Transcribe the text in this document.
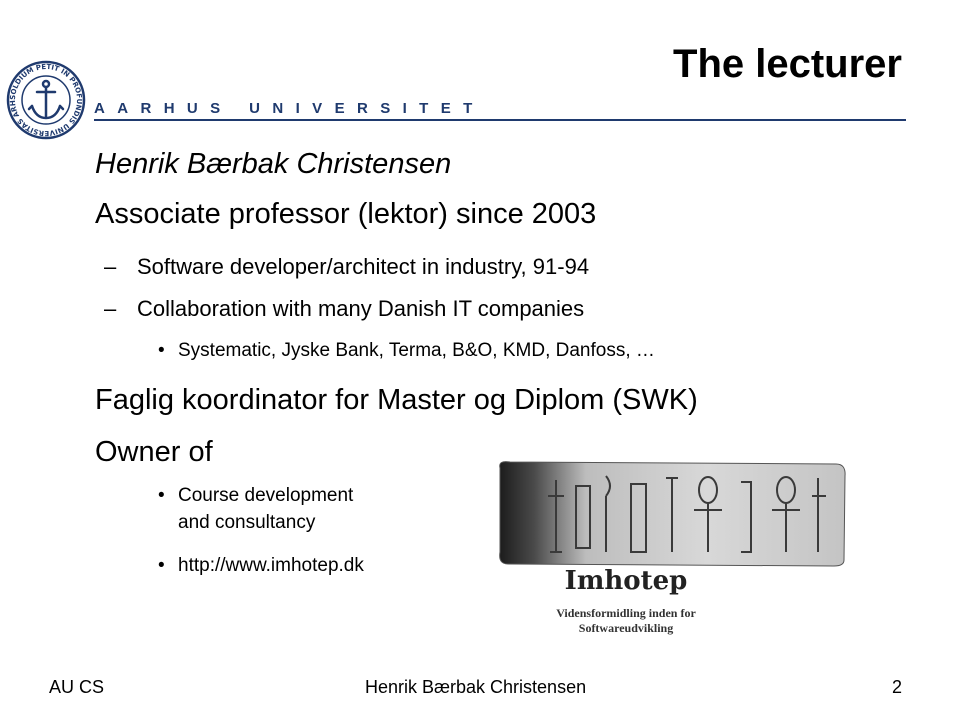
SOLDIUM PETIT IN PROFUNDIS UNIVERSITAS ARH	AARHUS UNIVERSITET
The lecturer
Henrik Bærbak Christensen
Associate professor (lektor) since 2003
– Software developer/architect in industry, 91-94
– Collaboration with many Danish IT companies
• Systematic, Jyske Bank, Terma, B&O, KMD, Danfoss, …
Faglig koordinator for Master og Diplom (SWK)
Owner of
• Course development
and consultancy
• http://www.imhotep.dk
Imhotep
Vidensformidling inden for
Softwareudvikling
AU CS	Henrik Bærbak Christensen	2
